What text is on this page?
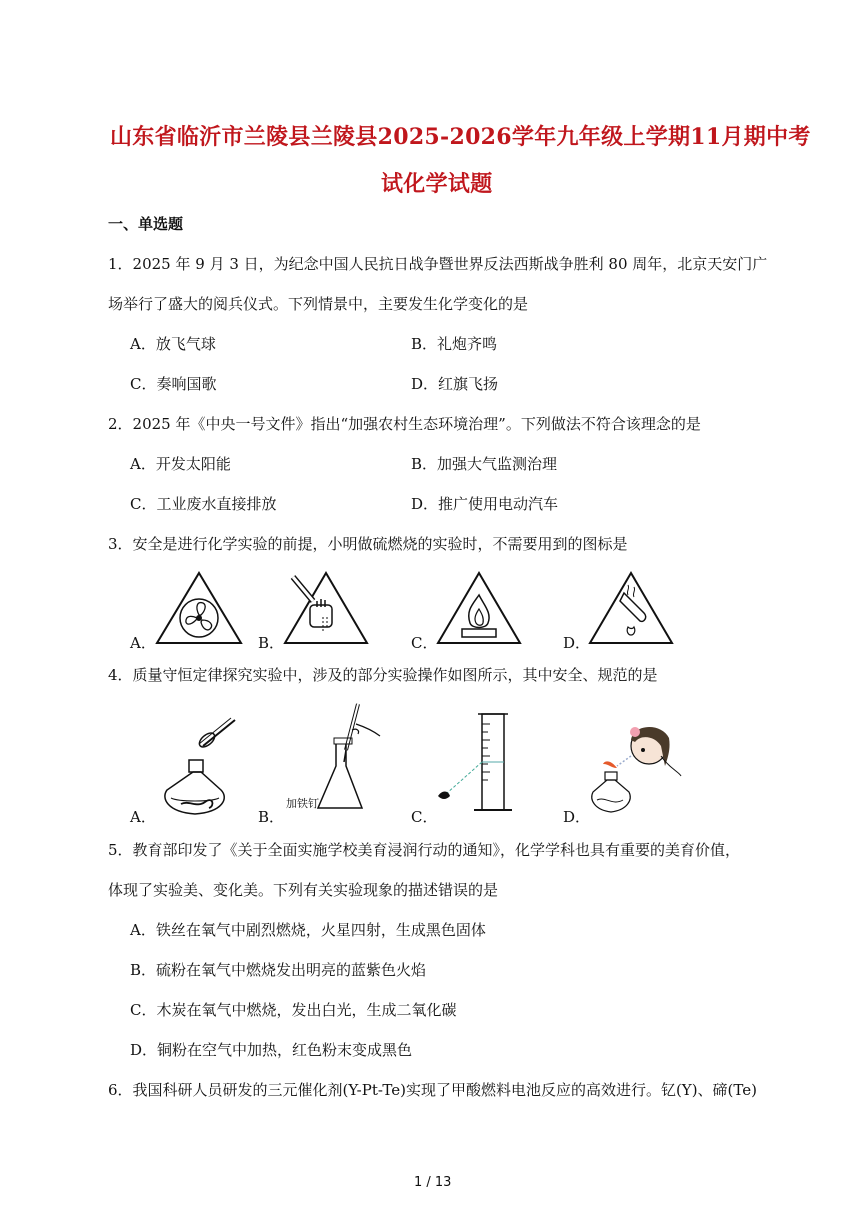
山东省临沂市兰陵县兰陵县2025-2026学年九年级上学期11月期中考
试化学试题
一、单选题
1．2025 年 9 月 3 日，为纪念中国人民抗日战争暨世界反法西斯战争胜利 80 周年，北京天安门广
场举行了盛大的阅兵仪式。下列情景中，主要发生化学变化的是
A．放飞气球	B．礼炮齐鸣
C．奏响国歌	D．红旗飞扬
2．2025 年《中央一号文件》指出“加强农村生态环境治理”。下列做法不符合该理念的是
A．开发太阳能	B．加强大气监测治理
C．工业废水直接排放	D．推广使用电动汽车
3．安全是进行化学实验的前提，小明做硫燃烧的实验时，不需要用到的图标是
A．	B．	C．	D．
4．质量守恒定律探究实验中，涉及的部分实验操作如图所示，其中安全、规范的是
A．	B．
加铁钉
C．	D．
5．教育部印发了《关于全面实施学校美育浸润行动的通知》，化学学科也具有重要的美育价值，
体现了实验美、变化美。下列有关实验现象的描述错误的是
A．铁丝在氧气中剧烈燃烧，火星四射，生成黑色固体
B．硫粉在氧气中燃烧发出明亮的蓝紫色火焰
C．木炭在氧气中燃烧，发出白光，生成二氧化碳
D．铜粉在空气中加热，红色粉末变成黑色
6．我国科研人员研发的三元催化剂(Y-Pt-Te)实现了甲酸燃料电池反应的高效进行。钇(Y)、碲(Te)
1 / 13
